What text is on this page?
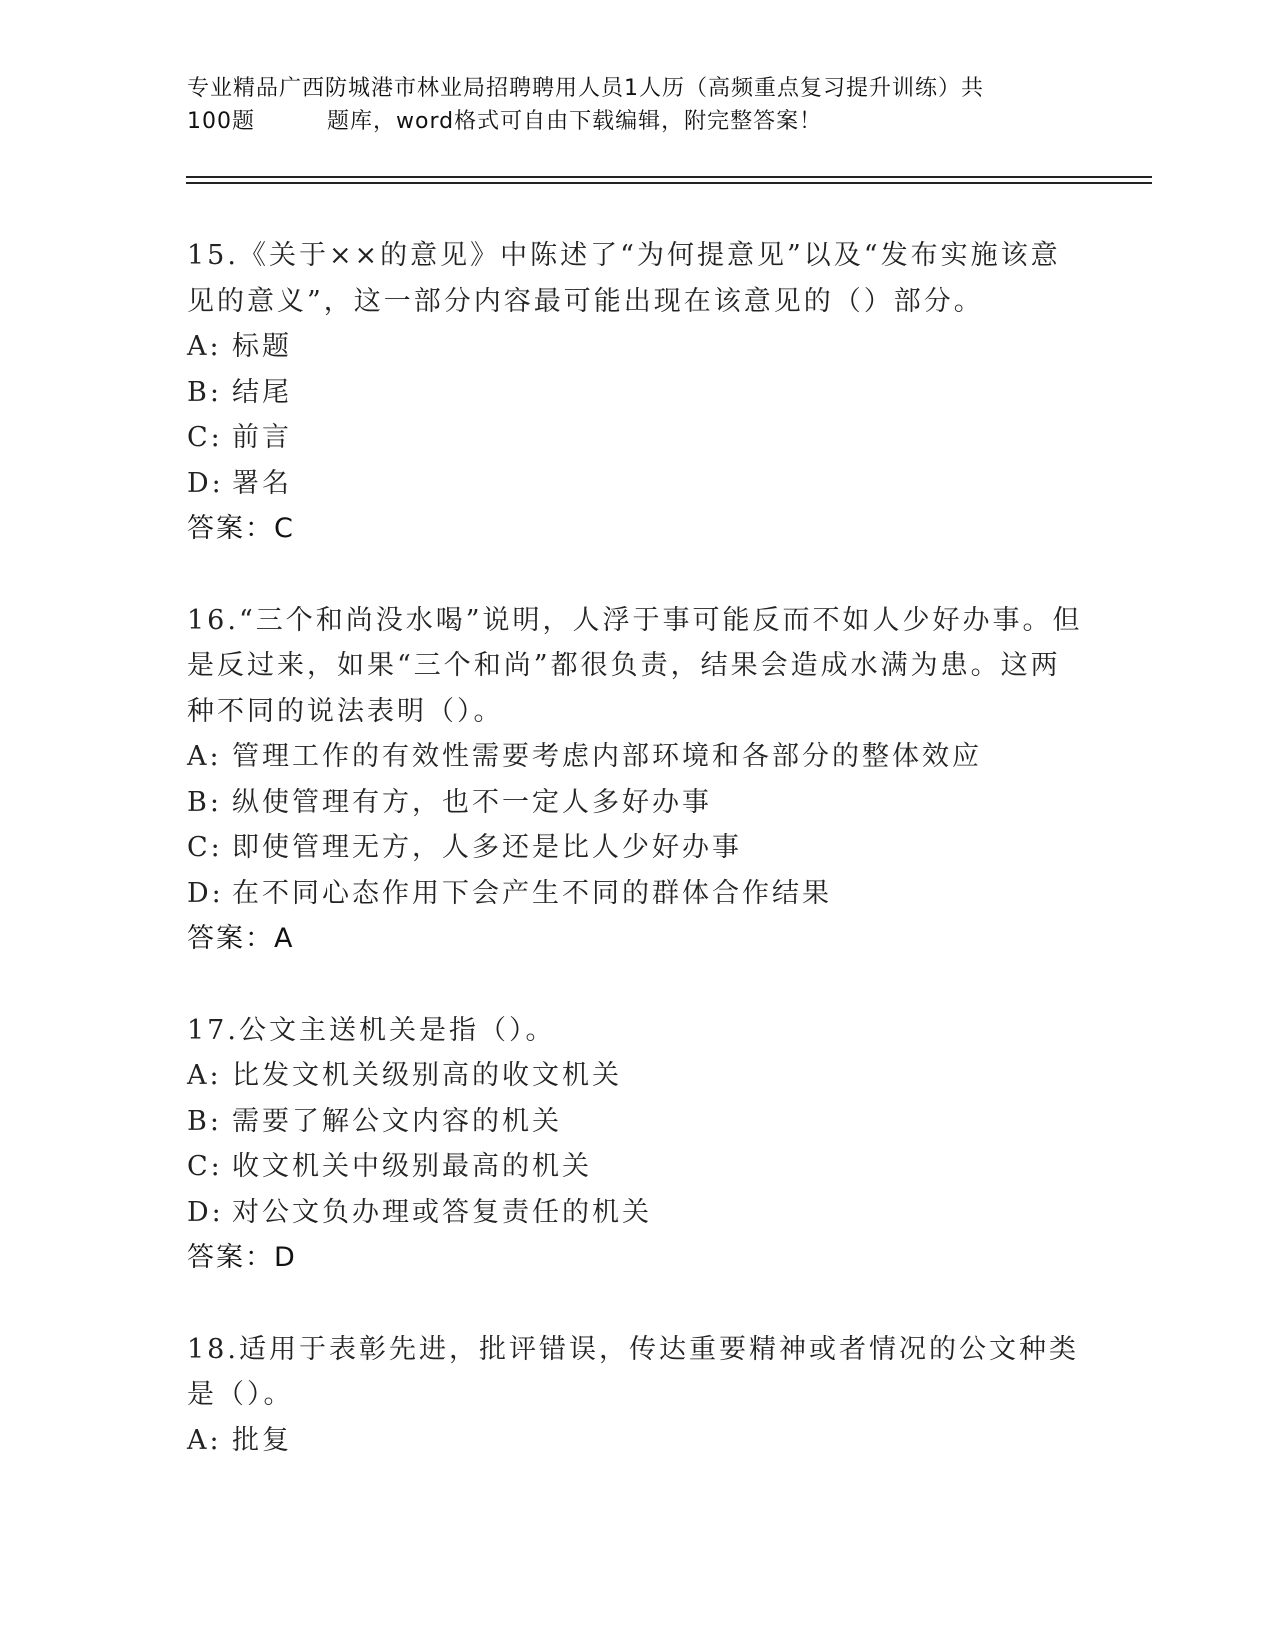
专业精品广西防城港市林业局招聘聘用人员1人历（高频重点复习提升训练）共
100题	题库，word格式可自由下载编辑，附完整答案！
15.《关于××的意见》中陈述了“为何提意见”以及“发布实施该意见的意义”，这一部分内容最可能出现在该意见的（）部分。
A: 标题
B: 结尾
C: 前言
D: 署名
答案：C
16.“三个和尚没水喝”说明，人浮于事可能反而不如人少好办事。但是反过来，如果“三个和尚”都很负责，结果会造成水满为患。这两种不同的说法表明（）。
A: 管理工作的有效性需要考虑内部环境和各部分的整体效应
B: 纵使管理有方，也不一定人多好办事
C: 即使管理无方，人多还是比人少好办事
D: 在不同心态作用下会产生不同的群体合作结果
答案：A
17.公文主送机关是指（）。
A: 比发文机关级别高的收文机关
B: 需要了解公文内容的机关
C: 收文机关中级别最高的机关
D: 对公文负办理或答复责任的机关
答案：D
18.适用于表彰先进，批评错误，传达重要精神或者情况的公文种类是（）。
A: 批复
